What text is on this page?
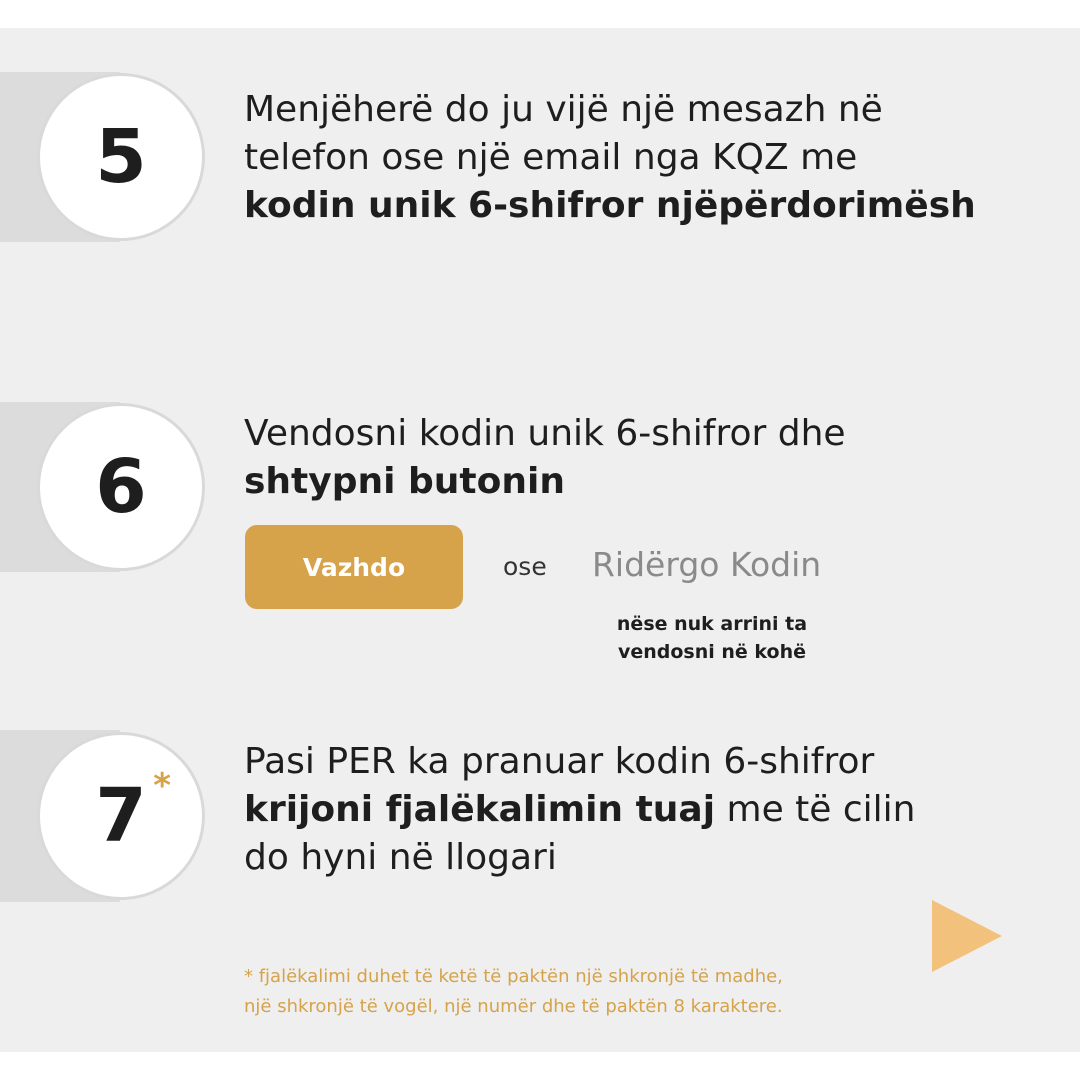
5
Menjëherë do ju vijë një mesazh në
telefon ose një email nga KQZ me
kodin unik 6-shifror njëpërdorimësh
6
Vendosni kodin unik 6-shifror dhe
shtypni butonin
Vazhdo	ose Ridërgo Kodin
nëse nuk arrini ta
vendosni në kohë
7 *
Pasi PER ka pranuar kodin 6-shifror
krijoni fjalëkalimin tuaj me të cilin
do hyni në llogari
* fjalëkalimi duhet të ketë të paktën një shkronjë të madhe,
një shkronjë të vogël, një numër dhe të paktën 8 karaktere.
